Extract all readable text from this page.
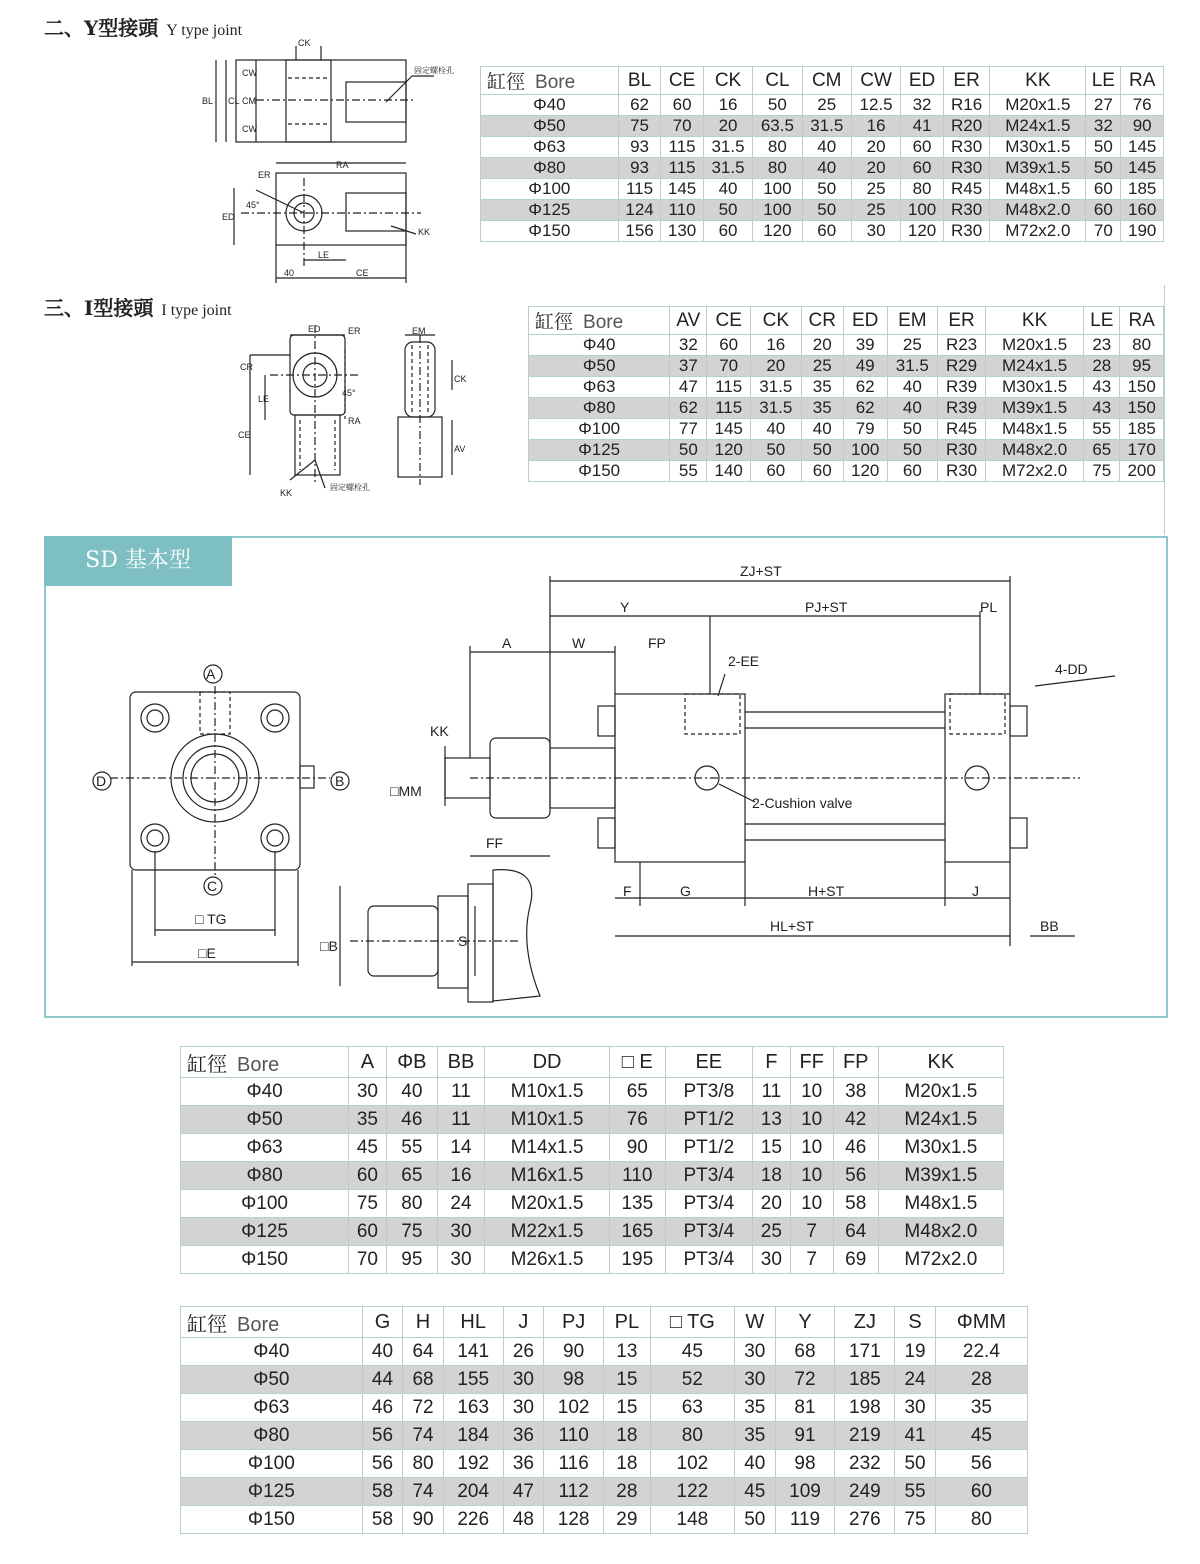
二、Y型接頭 Y type joint
CK
固定螺栓孔
BL CL
CW
CM
CW
ER
RA
45°
ED
KK
LE
40	CE
缸徑 Bore	BL	CE	CK	CL	CM	CW	ED	ER	KK	LE	RA
Φ40	62	60	16	50	25	12.5	32	R16	M20x1.5	27	76
Φ50	75	70	20	63.5	31.5	16	41	R20	M24x1.5	32	90
Φ63	93	115	31.5	80	40	20	60	R30	M30x1.5	50	145
Φ80	93	115	31.5	80	40	20	60	R30	M39x1.5	50	145
Φ100	115	145	40	100	50	25	80	R45	M48x1.5	60	185
Φ125	124	110	50	100	50	25	100	R30	M48x2.0	60	160
Φ150	156	130	60	120	60	30	120	R30	M72x2.0	70	190
三、I型接頭 I type joint
ED	ER	EM
CR
LE
CE
45°
RA
CK
AV
KK
固定螺栓孔
缸徑 Bore	AV	CE	CK	CR	ED	EM	ER	KK	LE	RA
Φ40	32	60	16	20	39	25	R23	M20x1.5	23	80
Φ50	37	70	20	25	49	31.5	R29	M24x1.5	28	95
Φ63	47	115	31.5	35	62	40	R39	M30x1.5	43	150
Φ80	62	115	31.5	35	62	40	R39	M39x1.5	43	150
Φ100	77	145	40	40	79	50	R45	M48x1.5	55	185
Φ125	50	120	50	50	100	50	R30	M48x2.0	65	170
Φ150	55	140	60	60	120	60	R30	M72x2.0	75	200
SD 基本型
A
C
D	B
□ TG
□E
ZJ+ST
Y	PJ+ST	PL
A	W	FP
2-EE	4-DD
KK
□MM
2-Cushion valve
FF
□B	S
F	G	H+ST	J
HL+ST	BB
缸徑 Bore	A	ΦB	BB	DD	□ E	EE	F	FF	FP	KK
Φ40	30	40	11	M10x1.5	65	PT3/8	11	10	38	M20x1.5
Φ50	35	46	11	M10x1.5	76	PT1/2	13	10	42	M24x1.5
Φ63	45	55	14	M14x1.5	90	PT1/2	15	10	46	M30x1.5
Φ80	60	65	16	M16x1.5	110	PT3/4	18	10	56	M39x1.5
Φ100	75	80	24	M20x1.5	135	PT3/4	20	10	58	M48x1.5
Φ125	60	75	30	M22x1.5	165	PT3/4	25	7	64	M48x2.0
Φ150	70	95	30	M26x1.5	195	PT3/4	30	7	69	M72x2.0
缸徑 Bore	G	H	HL	J	PJ	PL	□ TG	W	Y	ZJ	S	ΦMM
Φ40	40	64	141	26	90	13	45	30	68	171	19	22.4
Φ50	44	68	155	30	98	15	52	30	72	185	24	28
Φ63	46	72	163	30	102	15	63	35	81	198	30	35
Φ80	56	74	184	36	110	18	80	35	91	219	41	45
Φ100	56	80	192	36	116	18	102	40	98	232	50	56
Φ125	58	74	204	47	112	28	122	45	109	249	55	60
Φ150	58	90	226	48	128	29	148	50	119	276	75	80
